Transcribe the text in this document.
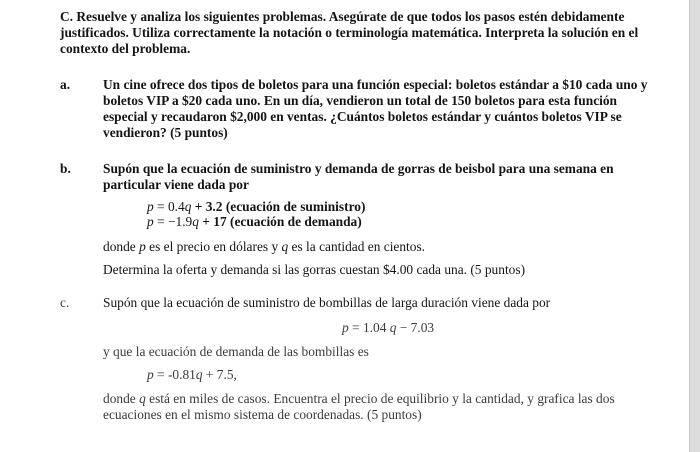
C. Resuelve y analiza los siguientes problemas. Asegúrate de que todos los pasos estén debidamente
justificados. Utiliza correctamente la notación o terminología matemática. Interpreta la solución en el
contexto del problema.
a. Un cine ofrece dos tipos de boletos para una función especial: boletos estándar a $10 cada uno y
boletos VIP a $20 cada uno. En un día, vendieron un total de 150 boletos para esta función
especial y recaudaron $2,000 en ventas. ¿Cuántos boletos estándar y cuántos boletos VIP se
vendieron? (5 puntos)
b. Supón que la ecuación de suministro y demanda de gorras de beisbol para una semana en
particular viene dada por
p = 0.4q + 3.2 (ecuación de suministro)
p = −1.9q + 17 (ecuación de demanda)
donde p es el precio en dólares y q es la cantidad en cientos.
Determina la oferta y demanda si las gorras cuestan $4.00 cada una. (5 puntos)
c.	Supón que la ecuación de suministro de bombillas de larga duración viene dada por
p = 1.04 q − 7.03
y que la ecuación de demanda de las bombillas es
p = -0.81q + 7.5,
donde q está en miles de casos. Encuentra el precio de equilibrio y la cantidad, y grafica las dos
ecuaciones en el mismo sistema de coordenadas. (5 puntos)
